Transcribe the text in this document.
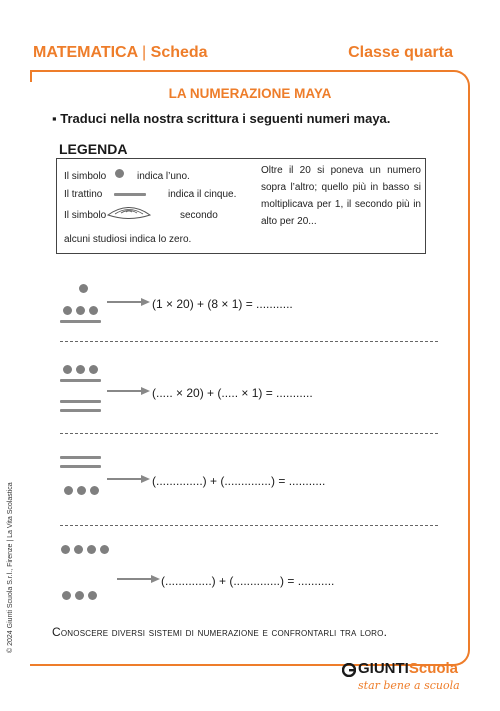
MATEMATICA | Scheda	Classe quarta
LA NUMERAZIONE MAYA
▪ Traduci nella nostra scrittura i seguenti numeri maya.
LEGENDA
Il simbolo	indica l’uno.
Il trattino	indica il cinque.
Il simbolo	secondo
alcuni studiosi indica lo zero.
Oltre il 20 si poneva un numero sopra l’altro; quello più in basso si moltiplicava per 1, il secondo più in alto per 20...
(1 × 20) + (8 × 1) = ...........
(..... × 20) + (..... × 1) = ...........
(..............) + (..............) = ...........
(..............) + (..............) = ...........
Conoscere diversi sistemi di numerazione e confrontarli tra loro.
© 2024 Giunti Scuola S.r.l., Firenze | La Vita Scolastica
GIUNTIScuola
star bene a scuola
